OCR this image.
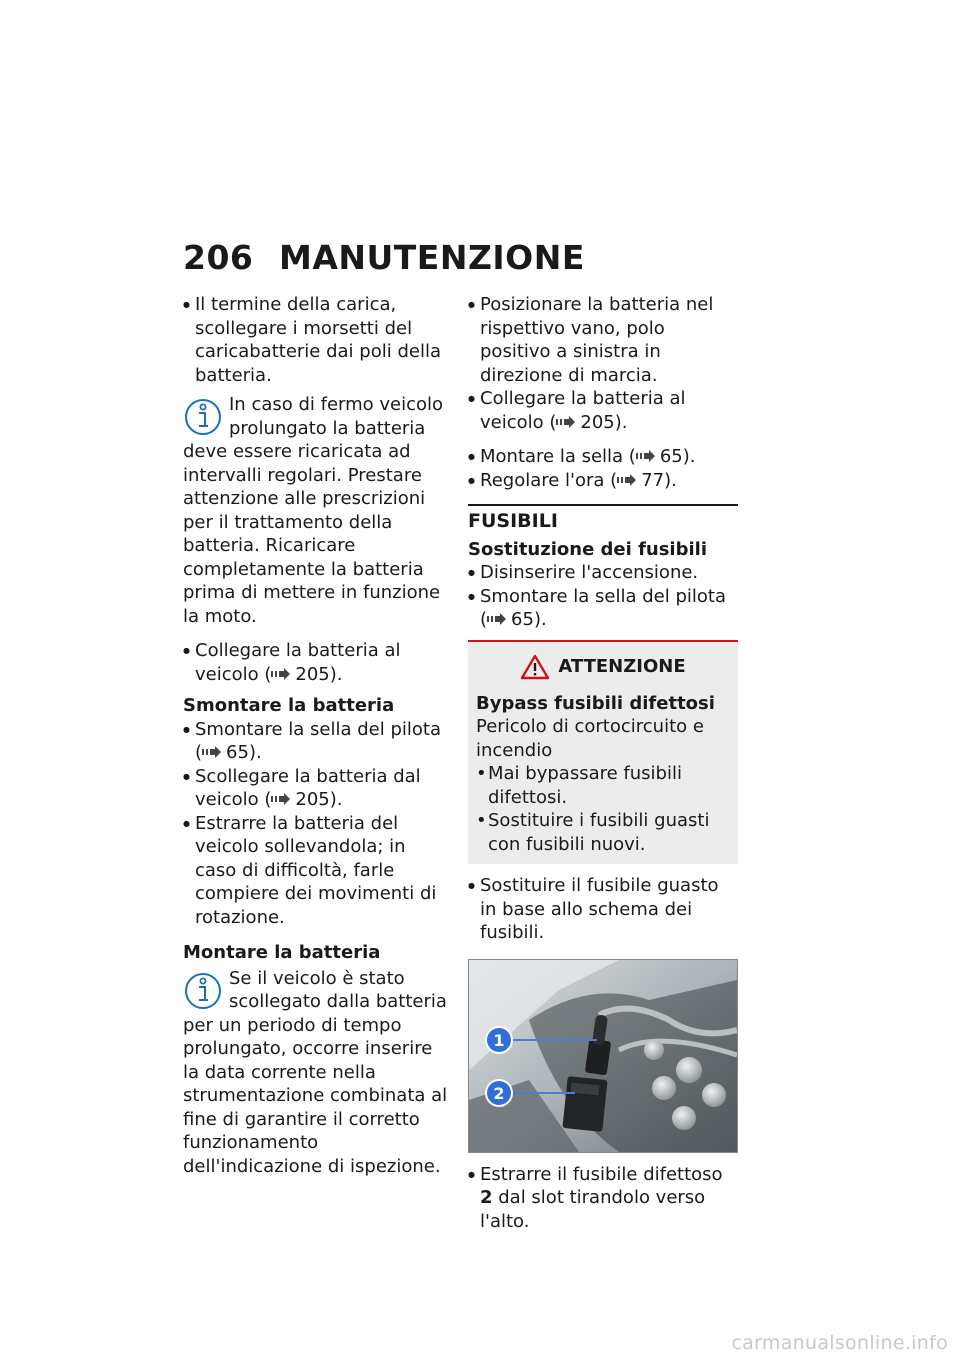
206 MANUTENZIONE
● Il termine della carica, scollegare i morsetti del caricabatterie dai poli della batteria.
In caso di fermo veicolo prolungato la batteria deve essere ricaricata ad intervalli regolari. Prestare attenzione alle prescrizioni per il trattamento della batteria. Ricaricare completamente la batteria prima di mettere in funzione la moto.
● Collegare la batteria al veicolo ( 205).
Smontare la batteria
● Smontare la sella del pilota ( 65).
● Scollegare la batteria dal veicolo ( 205).
● Estrarre la batteria del veicolo sollevandola; in caso di difficoltà, farle compiere dei movimenti di rotazione.
Montare la batteria
Se il veicolo è stato scollegato dalla batteria per un periodo di tempo prolungato, occorre inserire la data corrente nella strumentazione combinata al fine di garantire il corretto funzionamento dell'indicazione di ispezione.
● Posizionare la batteria nel rispettivo vano, polo positivo a sinistra in direzione di marcia.
● Collegare la batteria al veicolo ( 205).
● Montare la sella ( 65).
● Regolare l'ora ( 77).
FUSIBILI
Sostituzione dei fusibili
● Disinserire l'accensione.
● Smontare la sella del pilota ( 65).
ATTENZIONE
Bypass fusibili difettosi
Pericolo di cortocircuito e incendio
• Mai bypassare fusibili difettosi.
• Sostituire i fusibili guasti con fusibili nuovi.
● Sostituire il fusibile guasto in base allo schema dei fusibili.
1
2
● Estrarre il fusibile difettoso 2 dal slot tirandolo verso l'alto.
carmanualsonline.info
